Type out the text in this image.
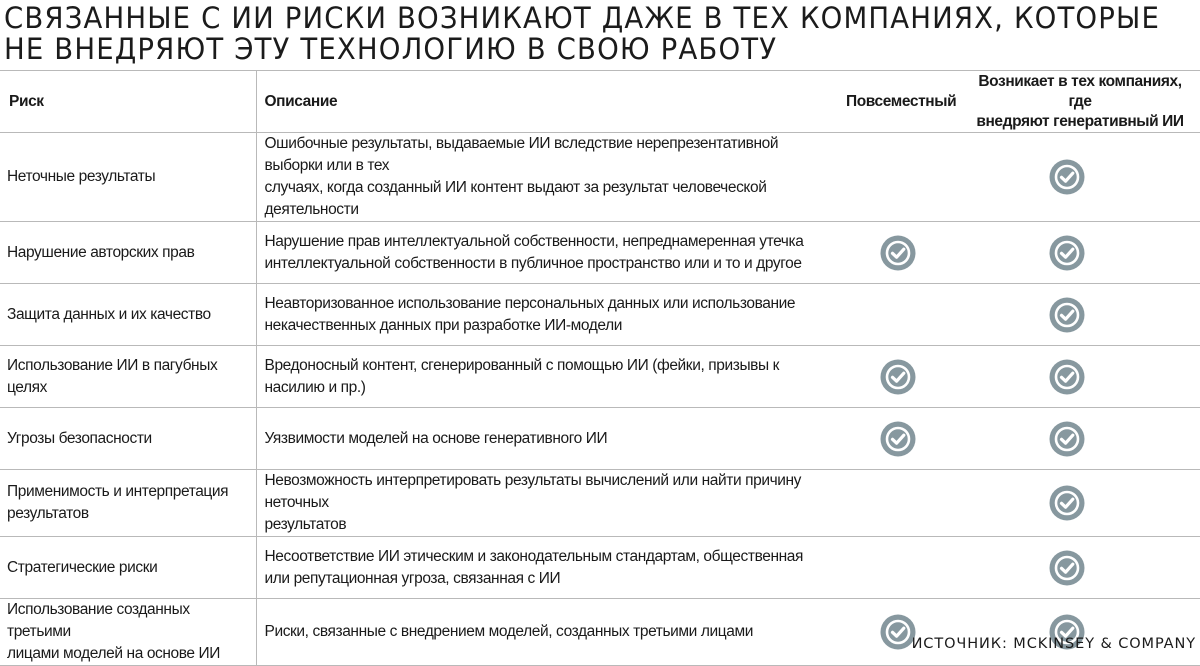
СВЯЗАННЫЕ С ИИ РИСКИ ВОЗНИКАЮТ ДАЖЕ В ТЕХ КОМПАНИЯХ, КОТОРЫЕ
НЕ ВНЕДРЯЮТ ЭТУ ТЕХНОЛОГИЮ В СВОЮ РАБОТУ
Риск	Описание	Повсеместный	Возникает в тех компаниях, где
внедряют генеративный ИИ
Неточные результаты	Ошибочные результаты, выдаваемые ИИ вследствие нерепрезентативной выборки или в тех
случаях, когда созданный ИИ контент выдают за результат человеческой деятельности		

Нарушение авторских прав	Нарушение прав интеллектуальной собственности, непреднамеренная утечка
интеллектуальной собственности в публичное пространство или и то и другое	

Защита данных и их качество	Неавторизованное использование персональных данных или использование
некачественных данных при разработке ИИ-модели		

Использование ИИ в пагубных целях	Вредоносный контент, сгенерированный с помощью ИИ (фейки, призывы к насилию и пр.)	

Угрозы безопасности	Уязвимости моделей на основе генеративного ИИ	

Применимость и интерпретация
результатов	Невозможность интерпретировать результаты вычислений или найти причину неточных
результатов		

Стратегические риски	Несоответствие ИИ этическим и законодательным стандартам, общественная
или репутационная угроза, связанная с ИИ		

Использование созданных третьими
лицами моделей на основе ИИ	Риски, связанные с внедрением моделей, созданных третьими лицами	

ИСТОЧНИК: MCKINSEY & COMPANY
